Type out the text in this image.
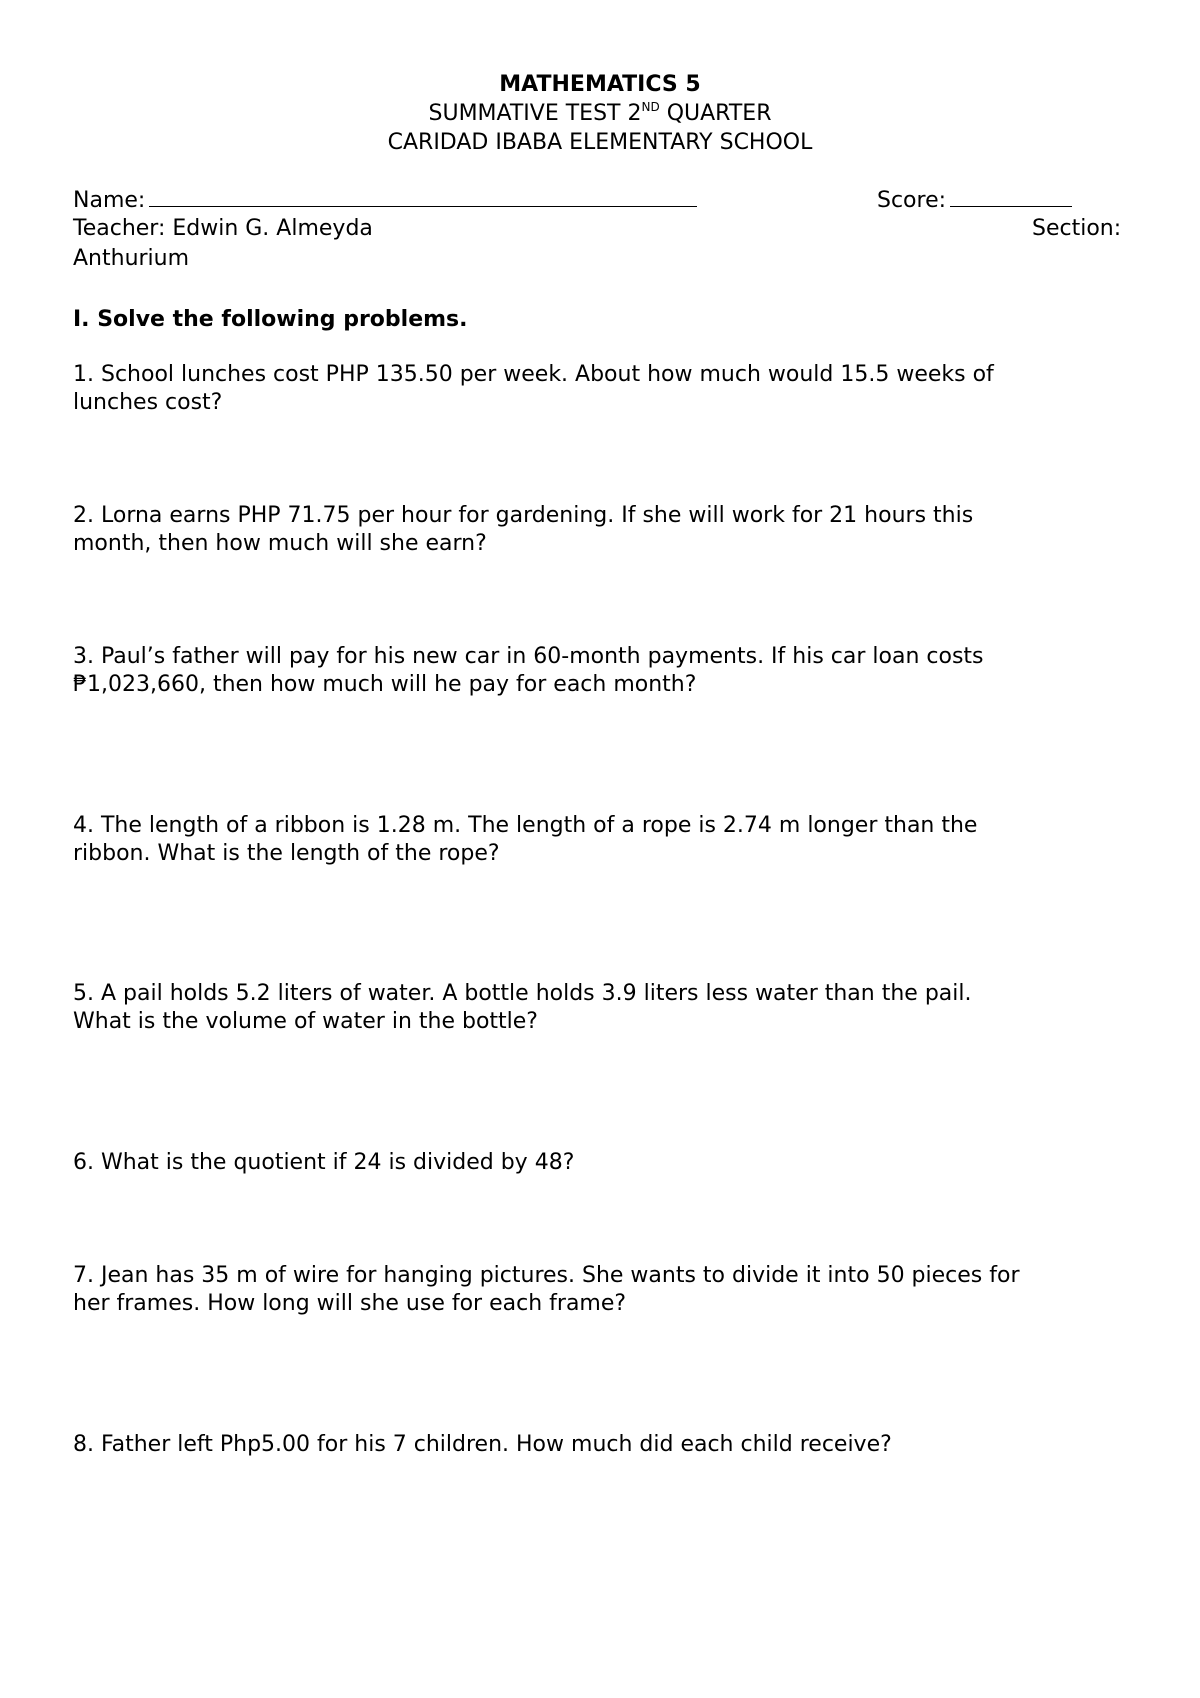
MATHEMATICS 5
SUMMATIVE TEST 2ND QUARTER
CARIDAD IBABA ELEMENTARY SCHOOL
Name:	Score:
Teacher: Edwin G. Almeyda	Section:
Anthurium
I. Solve the following problems.
1. School lunches cost PHP 135.50 per week. About how much would 15.5 weeks of
lunches cost?
2. Lorna earns PHP 71.75 per hour for gardening. If she will work for 21 hours this
month, then how much will she earn?
3. Paul’s father will pay for his new car in 60-month payments. If his car loan costs
₱1,023,660, then how much will he pay for each month?
4. The length of a ribbon is 1.28 m. The length of a rope is 2.74 m longer than the
ribbon. What is the length of the rope?
5. A pail holds 5.2 liters of water. A bottle holds 3.9 liters less water than the pail.
What is the volume of water in the bottle?
6. What is the quotient if 24 is divided by 48?
7. Jean has 35 m of wire for hanging pictures. She wants to divide it into 50 pieces for
her frames. How long will she use for each frame?
8. Father left Php5.00 for his 7 children. How much did each child receive?
